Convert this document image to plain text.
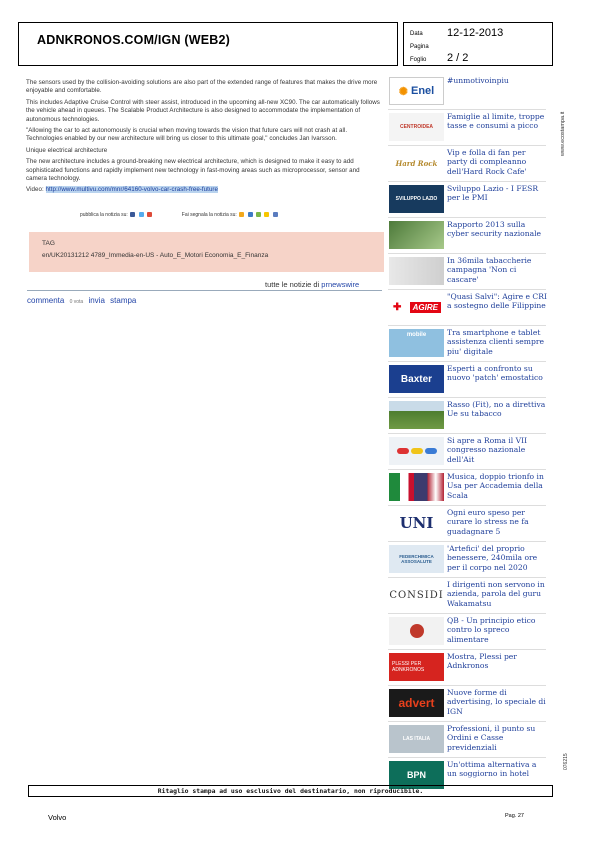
ADNKRONOS.COM/IGN (WEB2)	Data 12-12-2013
Pagina
Foglio 2 / 2

The sensors used by the collision-avoiding solutions are also part of the extended range of features that makes the drive more enjoyable and comfortable.

This includes Adaptive Cruise Control with steer assist, introduced in the upcoming all-new XC90. The car automatically follows the vehicle ahead in queues. The Scalable Product Architecture is also designed to accommodate the implementation of autonomous technologies.

"Allowing the car to act autonomously is crucial when moving towards the vision that future cars will not crash at all. Technologies enabled by our new architecture will bring us closer to this ultimate goal," concludes Jan Ivarsson.

Unique electrical architecture

The new architecture includes a ground-breaking new electrical architecture, which is designed to make it easy to add sophisticated functions and rapidly implement new technology in fast-moving areas such as microprocessor, sensor and camera technology.

Video: http://www.multivu.com/mnr/64160-volvo-car-crash-free-future

pubblica la notizia su:	Fai segnala la notizia su:
TAG
en/UK20131212 4789_Immedia-en-US - Auto_E_Motori Economia_E_Finanza
tutte le notizie di prnewswire
commenta 0 vota invia stampa
✺ Enel
#unmotivoinpiu
CENTROIDEA
Famiglie al limite, troppe tasse e consumi a picco
Hard Rock
Vip e folla di fan per party di compleanno dell'Hard Rock Cafe'
SVILUPPO LAZIO
Sviluppo Lazio - I FESR per le PMI
Rapporto 2013 sulla cyber security nazionale
In 36mila tabaccherie campagna 'Non ci cascare'
✚	AGIRE
"Quasi Salvi": Agire e CRI a sostegno delle Filippine
mobile	Tra smartphone e tablet assistenza clienti sempre piu' digitale
Baxter
Esperti a confronto su nuovo 'patch' emostatico
Rasso (Fit), no a direttiva Ue su tabacco
Si apre a Roma il VII congresso nazionale dell'Ait
Musica, doppio trionfo in Usa per Accademia della Scala
UNI
Ogni euro speso per curare lo stress ne fa guadagnare 5
FEDERCHIMICA ASSOSALUTE
'Artefici' del proprio benessere, 240mila ore per il corpo nel 2020
CONSIDI
I dirigenti non servono in azienda, parola del guru Wakamatsu
QB - Un principio etico contro lo spreco alimentare
PLESSI PER ADNKRONOS
Mostra, Plessi per Adnkronos
advert
Nuove forme di advertising, lo speciale di IGN
LAS ITALIA
Professioni, il punto su Ordini e Casse previdenziali
BPN
Un'ottima alternativa a un soggiorno in hotel
www.ecostampa.it
076215
Ritaglio stampa ad uso esclusivo del destinatario, non riproducibile.
Volvo	Pag. 27
